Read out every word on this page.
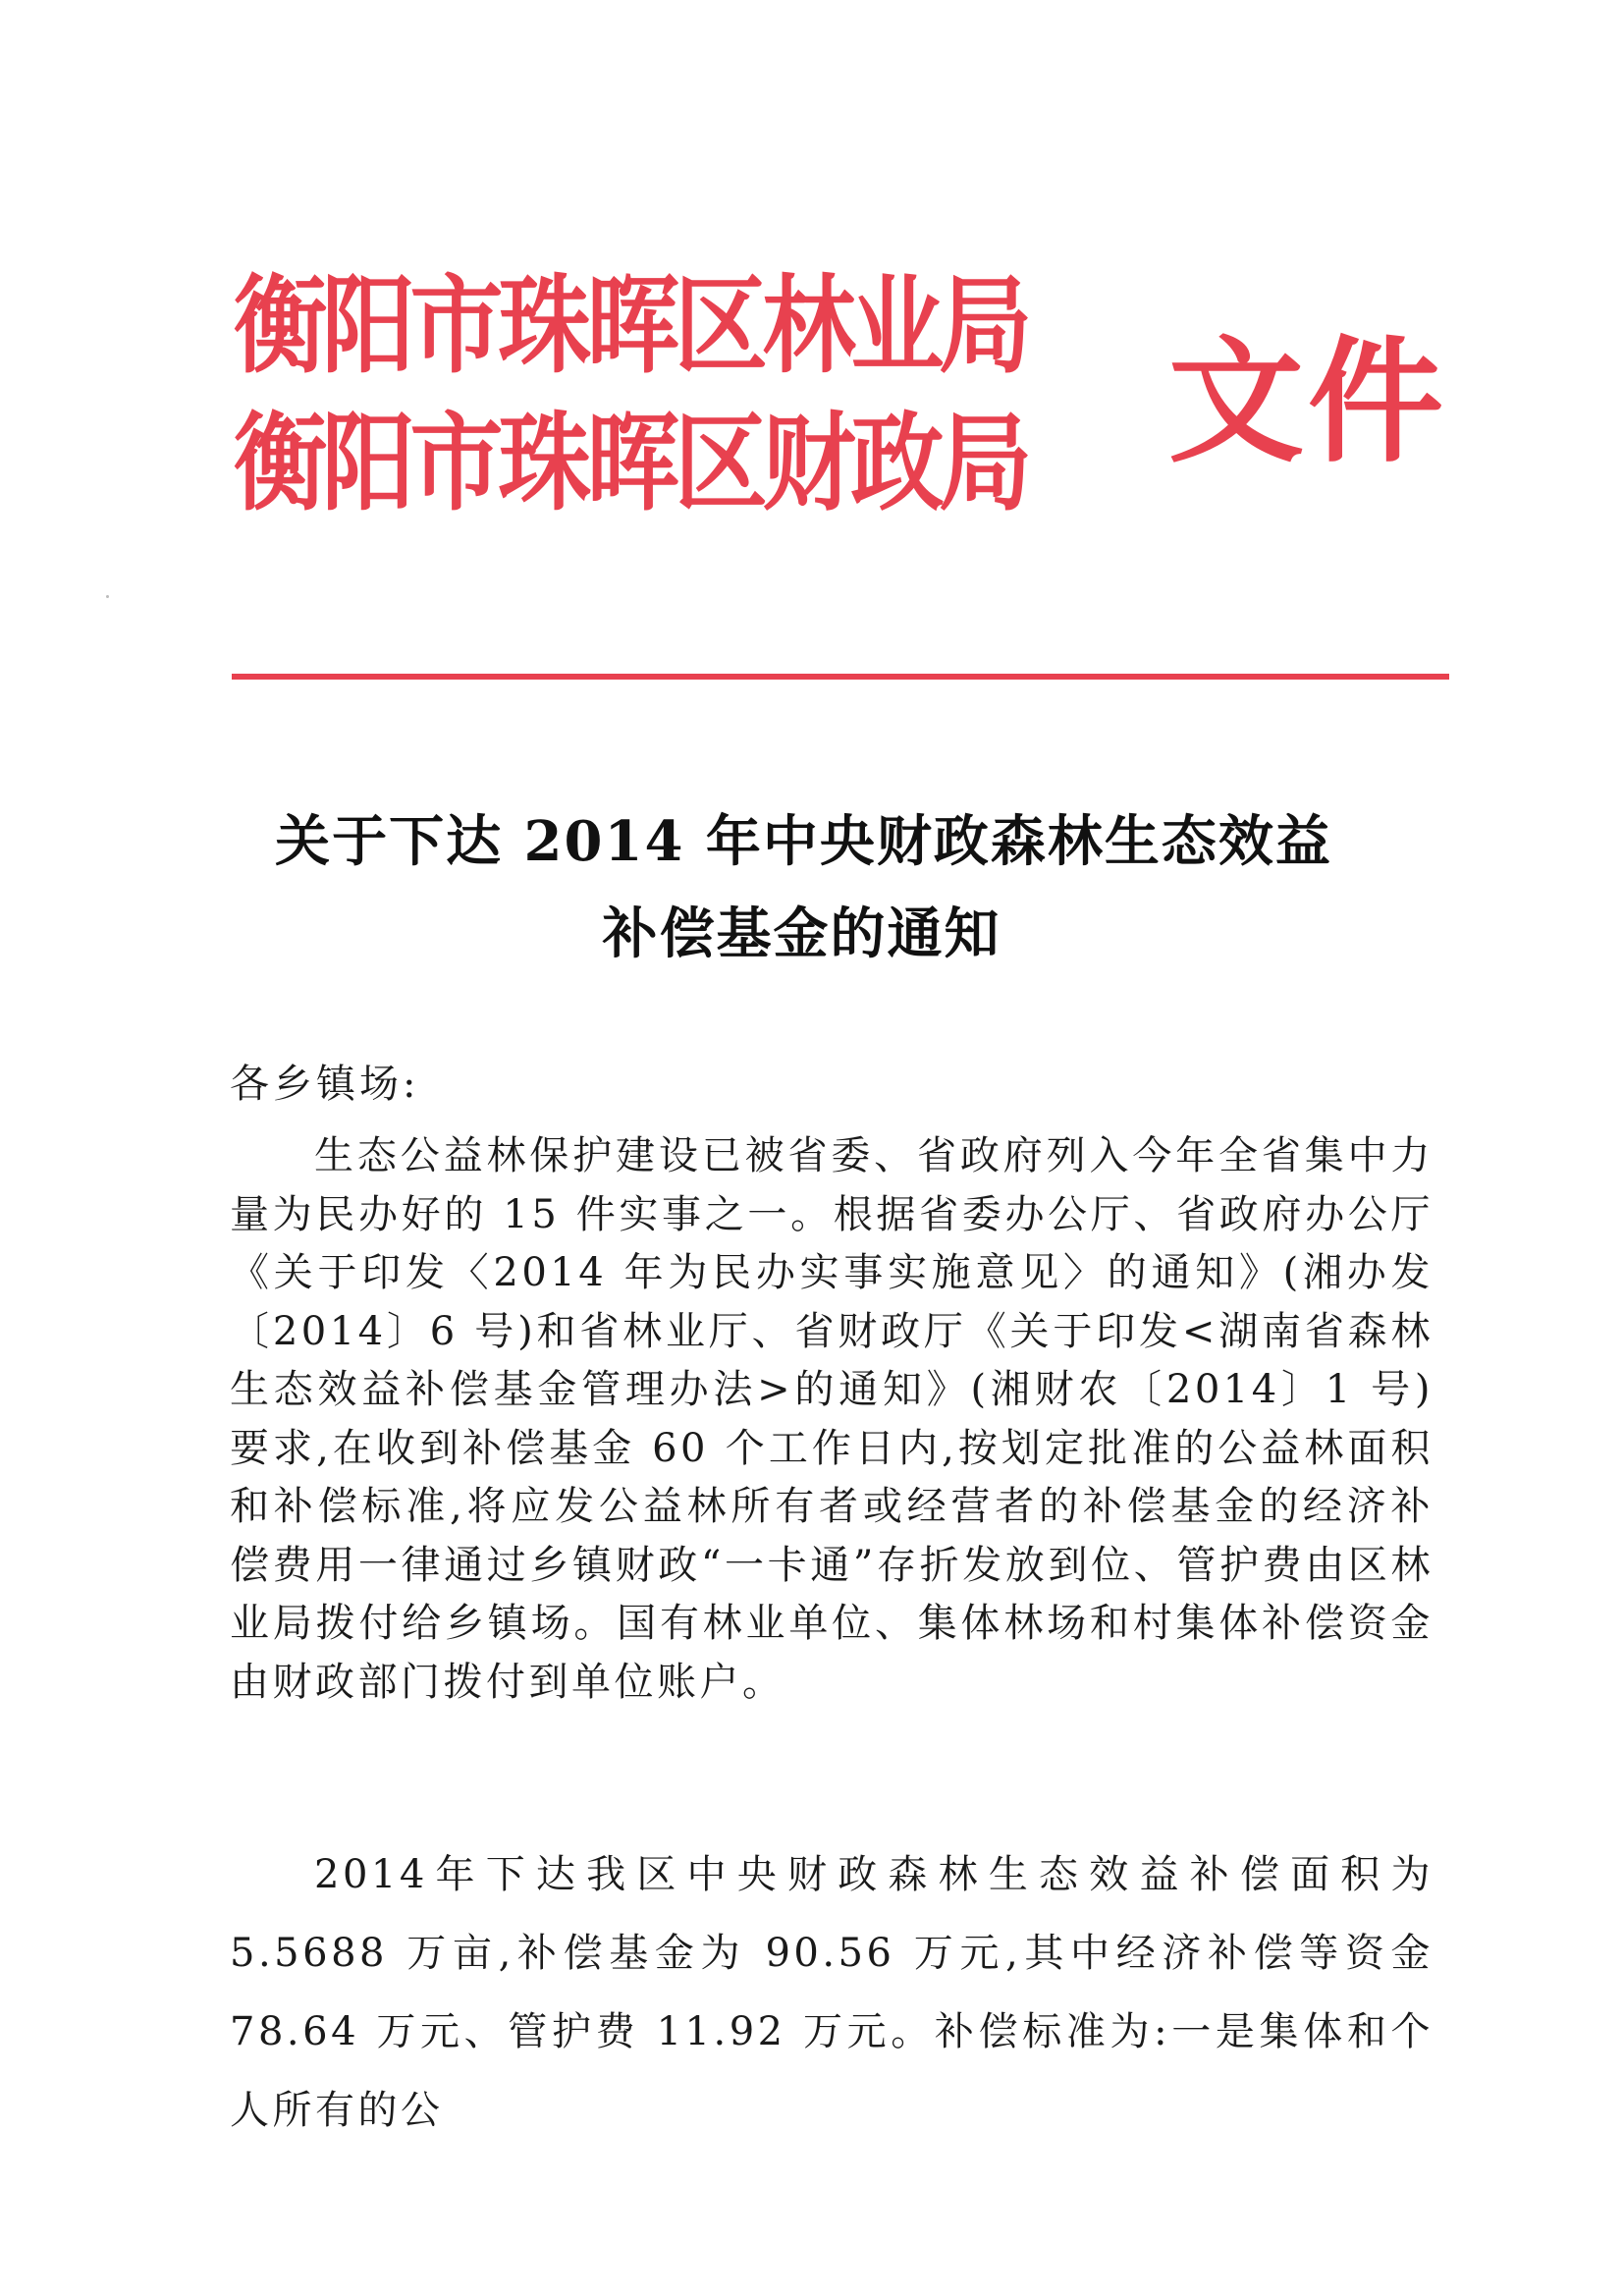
衡阳市珠晖区林业局
衡阳市珠晖区财政局 文件
关于下达 2014 年中央财政森林生态效益
补偿基金的通知
各乡镇场:
生态公益林保护建设已被省委、省政府列入今年全省集中力量为民办好的 15 件实事之一。根据省委办公厅、省政府办公厅《关于印发〈2014 年为民办实事实施意见〉的通知》(湘办发〔2014〕6 号)和省林业厅、省财政厅《关于印发<湖南省森林生态效益补偿基金管理办法>的通知》(湘财农〔2014〕1 号)要求,在收到补偿基金 60 个工作日内,按划定批准的公益林面积和补偿标准,将应发公益林所有者或经营者的补偿基金的经济补偿费用一律通过乡镇财政“一卡通”存折发放到位、管护费由区林业局拨付给乡镇场。国有林业单位、集体林场和村集体补偿资金由财政部门拨付到单位账户。
2014年下达我区中央财政森林生态效益补偿面积为 5.5688 万亩,补偿基金为 90.56 万元,其中经济补偿等资金 78.64 万元、管护费 11.92 万元。补偿标准为:一是集体和个人所有的公
